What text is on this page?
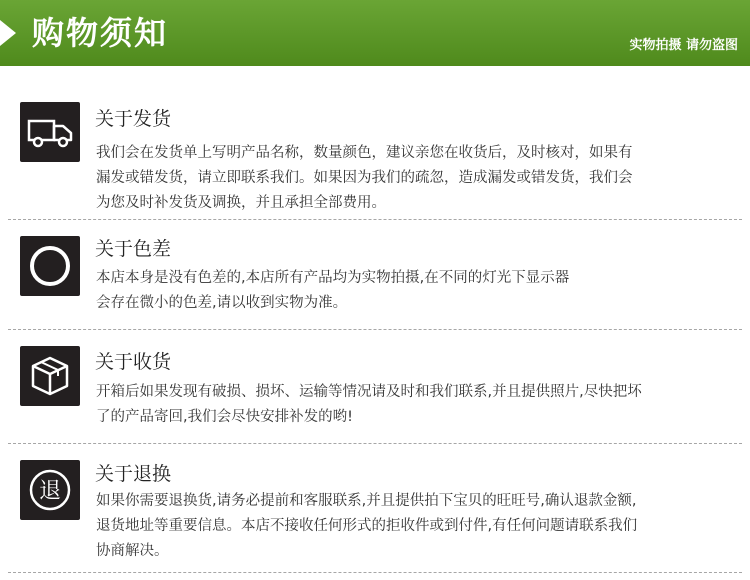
购物须知	实物拍摄 请勿盗图
关于发货
我们会在发货单上写明产品名称，数量颜色，建议亲您在收货后，及时核对，如果有
漏发或错发货，请立即联系我们。如果因为我们的疏忽，造成漏发或错发货，我们会
为您及时补发货及调换，并且承担全部费用。
关于色差
本店本身是没有色差的,本店所有产品均为实物拍摄,在不同的灯光下显示器
会存在微小的色差,请以收到实物为准。
关于收货
开箱后如果发现有破损、损坏、运输等情况请及时和我们联系,并且提供照片,尽快把坏
了的产品寄回,我们会尽快安排补发的哟!
退
关于退换
如果你需要退换货,请务必提前和客服联系,并且提供拍下宝贝的旺旺号,确认退款金额,
退货地址等重要信息。本店不接收任何形式的拒收件或到付件,有任何问题请联系我们
协商解决。
